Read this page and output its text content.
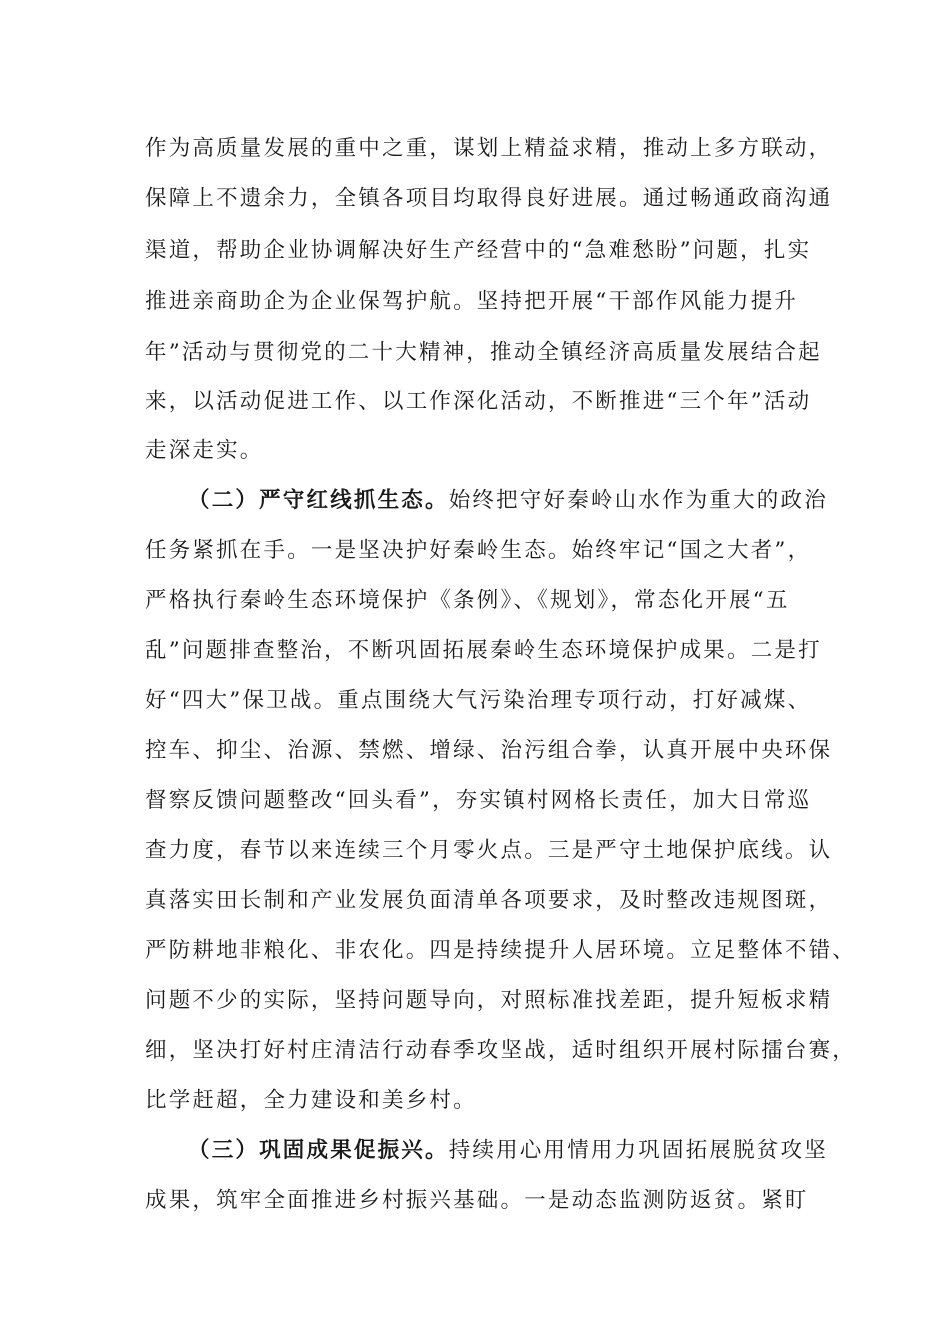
作为高质量发展的重中之重，谋划上精益求精，推动上多方联动，
保障上不遗余力，全镇各项目均取得良好进展。通过畅通政商沟通
渠道，帮助企业协调解决好生产经营中的“急难愁盼”问题，扎实
推进亲商助企为企业保驾护航。坚持把开展“干部作风能力提升
年”活动与贯彻党的二十大精神，推动全镇经济高质量发展结合起
来，以活动促进工作、以工作深化活动，不断推进“三个年”活动
走深走实。
（二）严守红线抓生态。始终把守好秦岭山水作为重大的政治
任务紧抓在手。一是坚决护好秦岭生态。始终牢记“国之大者”，
严格执行秦岭生态环境保护《条例》、《规划》，常态化开展“五
乱”问题排查整治，不断巩固拓展秦岭生态环境保护成果。二是打
好“四大”保卫战。重点围绕大气污染治理专项行动，打好减煤、
控车、抑尘、治源、禁燃、增绿、治污组合拳，认真开展中央环保
督察反馈问题整改“回头看”，夯实镇村网格长责任，加大日常巡
查力度，春节以来连续三个月零火点。三是严守土地保护底线。认
真落实田长制和产业发展负面清单各项要求，及时整改违规图斑，
严防耕地非粮化、非农化。四是持续提升人居环境。立足整体不错、
问题不少的实际，坚持问题导向，对照标准找差距，提升短板求精
细，坚决打好村庄清洁行动春季攻坚战，适时组织开展村际擂台赛，
比学赶超，全力建设和美乡村。
（三）巩固成果促振兴。持续用心用情用力巩固拓展脱贫攻坚
成果，筑牢全面推进乡村振兴基础。一是动态监测防返贫。紧盯
